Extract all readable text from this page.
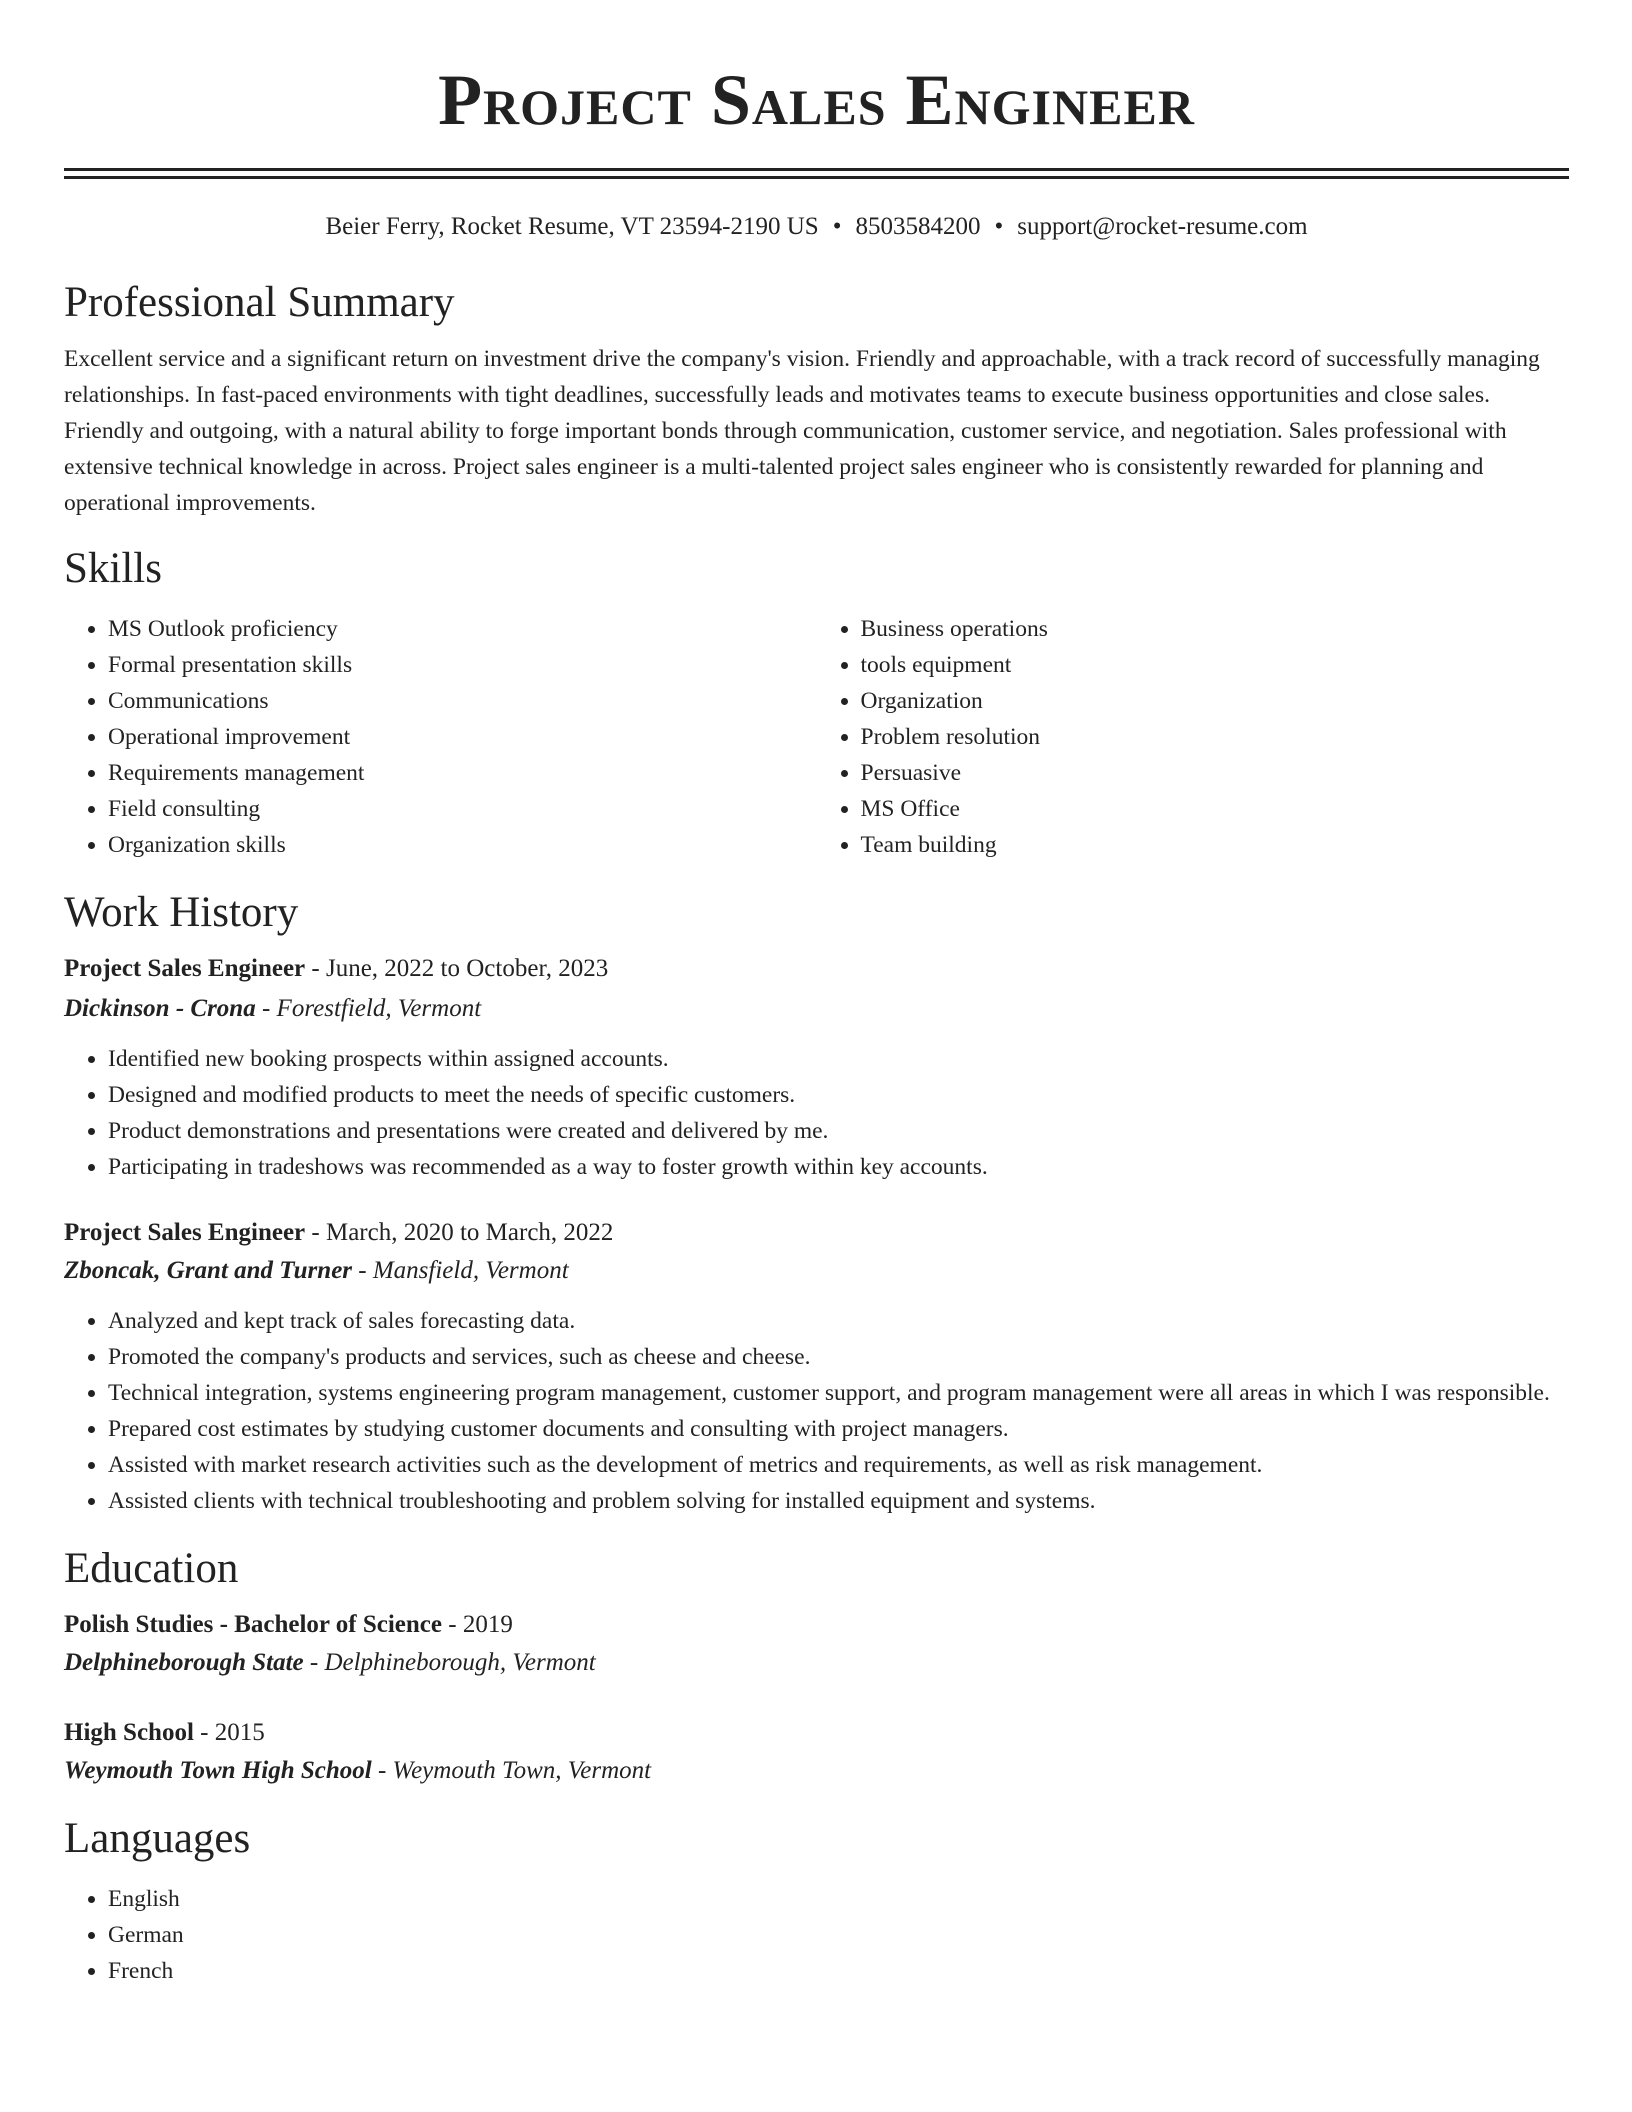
Project Sales Engineer
Beier Ferry, Rocket Resume, VT 23594-2190 US • 8503584200 • support@rocket-resume.com
Professional Summary

Excellent service and a significant return on investment drive the company's vision. Friendly and approachable, with a track record of successfully managing relationships. In fast-paced environments with tight deadlines, successfully leads and motivates teams to execute business opportunities and close sales. Friendly and outgoing, with a natural ability to forge important bonds through communication, customer service, and negotiation. Sales professional with extensive technical knowledge in across. Project sales engineer is a multi-talented project sales engineer who is consistently rewarded for planning and operational improvements.

Skills
• MS Outlook proficiency
• Formal presentation skills
• Communications
• Operational improvement
• Requirements management
• Field consulting
• Organization skills
• Business operations
• tools equipment
• Organization
• Problem resolution
• Persuasive
• MS Office
• Team building
Work History
Project Sales Engineer - June, 2022 to October, 2023
Dickinson - Crona - Forestfield, Vermont
• Identified new booking prospects within assigned accounts.
• Designed and modified products to meet the needs of specific customers.
• Product demonstrations and presentations were created and delivered by me.
• Participating in tradeshows was recommended as a way to foster growth within key accounts.
Project Sales Engineer - March, 2020 to March, 2022
Zboncak, Grant and Turner - Mansfield, Vermont
• Analyzed and kept track of sales forecasting data.
• Promoted the company's products and services, such as cheese and cheese.
• Technical integration, systems engineering program management, customer support, and program management were all areas in which I was responsible.
• Prepared cost estimates by studying customer documents and consulting with project managers.
• Assisted with market research activities such as the development of metrics and requirements, as well as risk management.
• Assisted clients with technical troubleshooting and problem solving for installed equipment and systems.
Education
Polish Studies - Bachelor of Science - 2019
Delphineborough State - Delphineborough, Vermont
High School - 2015
Weymouth Town High School - Weymouth Town, Vermont
Languages
• English
• German
• French
